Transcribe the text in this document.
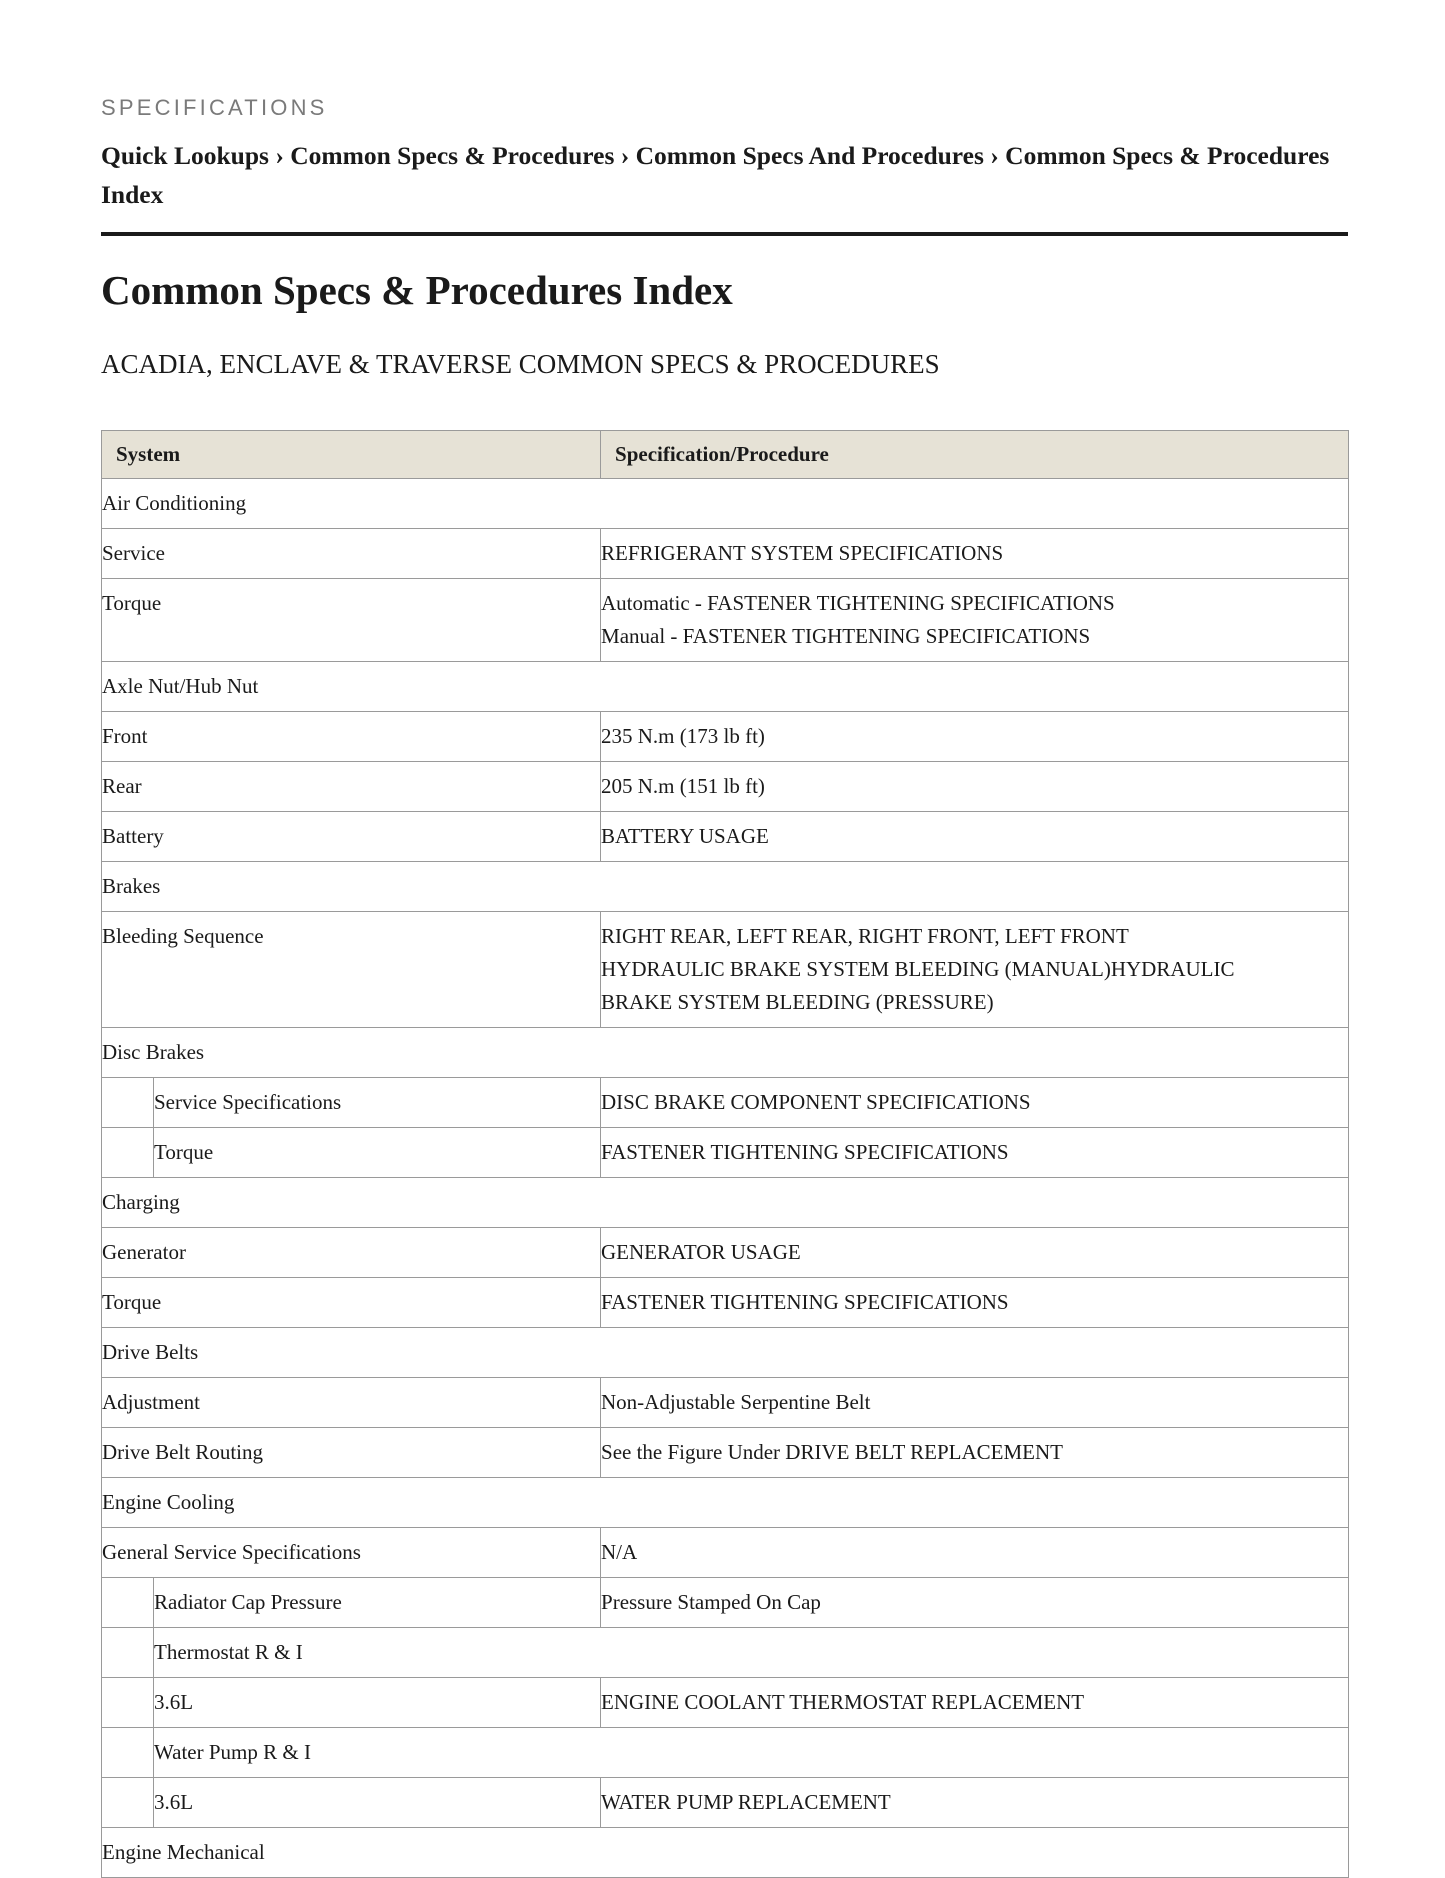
SPECIFICATIONS
Quick Lookups › Common Specs & Procedures › Common Specs And Procedures › Common Specs & Procedures Index
Common Specs & Procedures Index
ACADIA, ENCLAVE & TRAVERSE COMMON SPECS & PROCEDURES
System		Specification/Procedure
Air Conditioning		
Service		REFRIGERANT SYSTEM SPECIFICATIONS

Torque		Automatic - FASTENER TIGHTENING SPECIFICATIONS
Manual - FASTENER TIGHTENING SPECIFICATIONS

Axle Nut/Hub Nut		
Front		235 N.m (173 lb ft)

Rear		205 N.m (151 lb ft)

Battery		BATTERY USAGE

Brakes		
Bleeding Sequence		RIGHT REAR, LEFT REAR, RIGHT FRONT, LEFT FRONT
HYDRAULIC BRAKE SYSTEM BLEEDING (MANUAL)HYDRAULIC
BRAKE SYSTEM BLEEDING (PRESSURE)

Disc Brakes		
	Service Specifications	DISC BRAKE COMPONENT SPECIFICATIONS

	Torque	FASTENER TIGHTENING SPECIFICATIONS

Charging		
Generator		GENERATOR USAGE

Torque		FASTENER TIGHTENING SPECIFICATIONS

Drive Belts		
Adjustment		Non-Adjustable Serpentine Belt

Drive Belt Routing		See the Figure Under DRIVE BELT REPLACEMENT

Engine Cooling		
General Service Specifications		N/A

	Radiator Cap Pressure	Pressure Stamped On Cap

	Thermostat R & I	
	3.6L	ENGINE COOLANT THERMOSTAT REPLACEMENT

	Water Pump R & I	
	3.6L	WATER PUMP REPLACEMENT

Engine Mechanical		
